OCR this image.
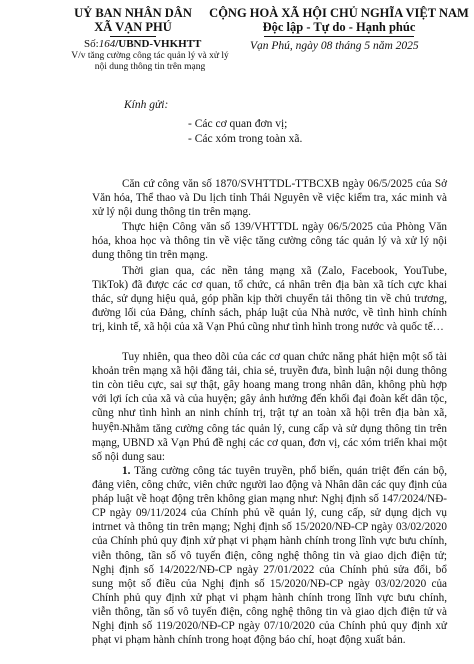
UỶ BAN NHÂN DÂN
XÃ VẠN PHÚ
CỘNG HOÀ XÃ HỘI CHỦ NGHĨA VIỆT NAM
Độc lập - Tự do - Hạnh phúc
Số:164/UBND-VHKHTT
V/v tăng cường công tác quản lý và xử lý nội dung thông tin trên mạng
Vạn Phú, ngày 08 tháng 5 năm 2025
Kính gửi:
- Các cơ quan đơn vị;
- Các xóm trong toàn xã.
Căn cứ công văn số 1870/SVHTTDL-TTBCXB ngày 06/5/2025 của Sở Văn hóa, Thể thao và Du lịch tỉnh Thái Nguyên về việc kiểm tra, xác minh và xử lý nội dung thông tin trên mạng.
Thực hiện Công văn số 139/VHTTDL ngày 06/5/2025 của Phòng Văn hóa, khoa học và thông tin về việc tăng cường công tác quản lý và xử lý nội dung thông tin trên mạng.
Thời gian qua, các nền tảng mạng xã (Zalo, Facebook, YouTube, TikTok) đã được các cơ quan, tổ chức, cá nhân trên địa bàn xã tích cực khai thác, sử dụng hiệu quả, góp phần kịp thời chuyển tải thông tin về chủ trương, đường lối của Đảng, chính sách, pháp luật của Nhà nước, về tình hình chính trị, kinh tế, xã hội của xã Vạn Phú cũng như tình hình trong nước và quốc tế…
Tuy nhiên, qua theo dõi của các cơ quan chức năng phát hiện một số tài khoản trên mạng xã hội đăng tải, chia sẻ, truyền đưa, bình luận nội dung thông tin còn tiêu cực, sai sự thật, gây hoang mang trong nhân dân, không phù hợp với lợi ích của xã và của huyện; gây ảnh hưởng đến khối đại đoàn kết dân tộc, cũng như tình hình an ninh chính trị, trật tự an toàn xã hội trên địa bàn xã, huyện…
Nhằm tăng cường công tác quản lý, cung cấp và sử dụng thông tin trên mạng, UBND xã Vạn Phú đề nghị các cơ quan, đơn vị, các xóm triển khai một số nội dung sau:
1. Tăng cường công tác tuyên truyền, phổ biến, quán triệt đến cán bộ, đảng viên, công chức, viên chức người lao động và Nhân dân các quy định của pháp luật về hoạt động trên không gian mạng như: Nghị định số 147/2024/NĐ-CP ngày 09/11/2024 của Chính phủ về quản lý, cung cấp, sử dụng dịch vụ intrnet và thông tin trên mạng; Nghị định số 15/2020/NĐ-CP ngày 03/02/2020 của Chính phủ quy định xử phạt vi phạm hành chính trong lĩnh vực bưu chính, viễn thông, tần số vô tuyến điện, công nghệ thông tin và giao dịch điện tử; Nghị định số 14/2022/NĐ-CP ngày 27/01/2022 của Chính phủ sửa đổi, bổ sung một số điều của Nghị định số 15/2020/NĐ-CP ngày 03/02/2020 của Chính phủ quy định xử phạt vi phạm hành chính trong lĩnh vực bưu chính, viễn thông, tần số vô tuyến điện, công nghệ thông tin và giao dịch điện tử và Nghị định số 119/2020/NĐ-CP ngày 07/10/2020 của Chính phủ quy định xử phạt vi phạm hành chính trong hoạt động báo chí, hoạt động xuất bản.
